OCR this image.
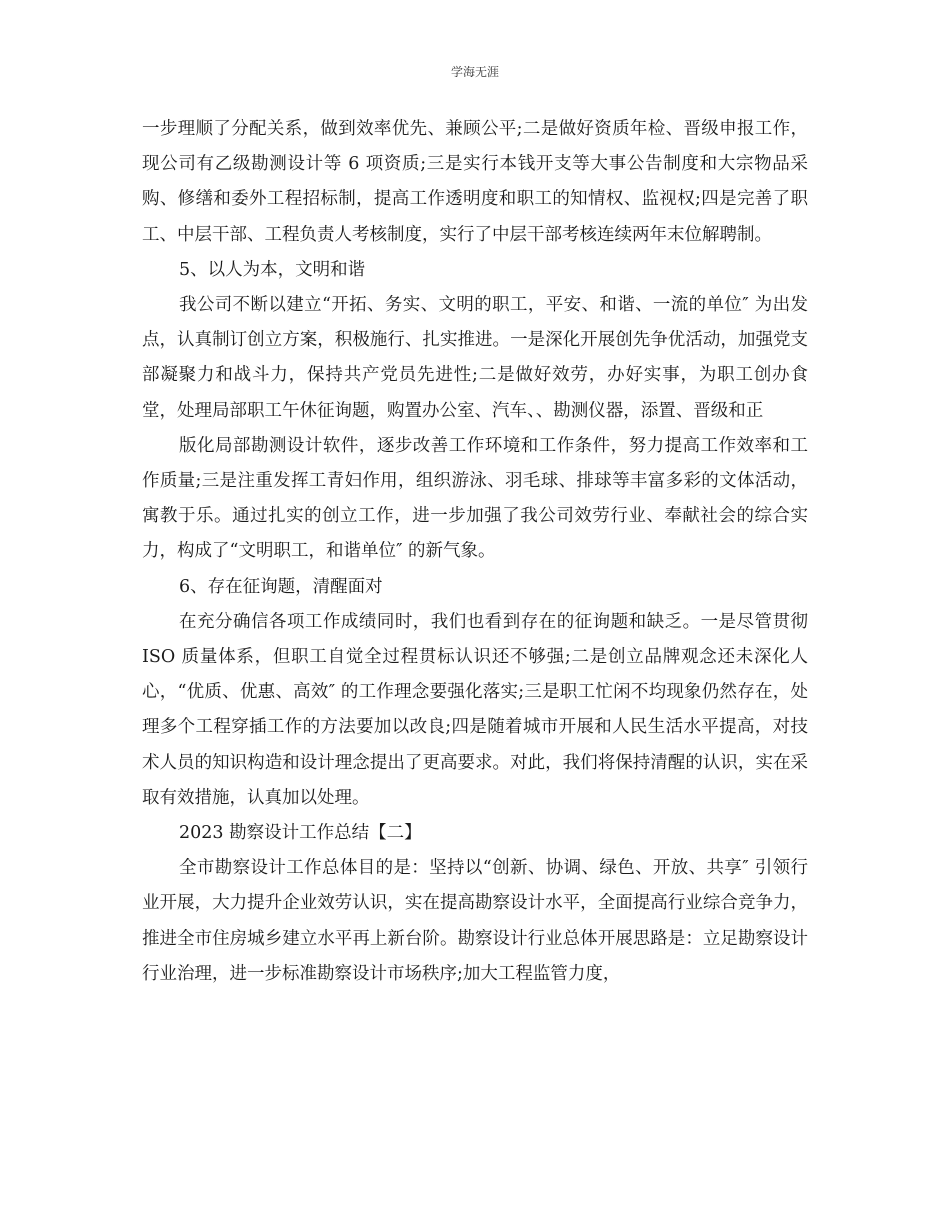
学海无涯

一步理顺了分配关系，做到效率优先、兼顾公平;二是做好资质年检、晋级申报工作，现公司有乙级勘测设计等 6 项资质;三是实行本钱开支等大事公告制度和大宗物品采购、修缮和委外工程招标制，提高工作透明度和职工的知情权、监视权;四是完善了职工、中层干部、工程负责人考核制度，实行了中层干部考核连续两年末位解聘制。

5、以人为本，文明和谐

我公司不断以建立“开拓、务实、文明的职工，平安、和谐、一流的单位″ 为出发点，认真制订创立方案，积极施行、扎实推进。一是深化开展创先争优活动，加强党支部凝聚力和战斗力，保持共产党员先进性;二是做好效劳，办好实事，为职工创办食堂，处理局部职工午休征询题，购置办公室、汽车、、勘测仪器，添置、晋级和正

版化局部勘测设计软件，逐步改善工作环境和工作条件，努力提高工作效率和工作质量;三是注重发挥工青妇作用，组织游泳、羽毛球、排球等丰富多彩的文体活动，寓教于乐。通过扎实的创立工作，进一步加强了我公司效劳行业、奉献社会的综合实力，构成了“文明职工，和谐单位″ 的新气象。

6、存在征询题，清醒面对

在充分确信各项工作成绩同时，我们也看到存在的征询题和缺乏。一是尽管贯彻 ISO 质量体系，但职工自觉全过程贯标认识还不够强;二是创立品牌观念还未深化人心，“优质、优惠、高效″ 的工作理念要强化落实;三是职工忙闲不均现象仍然存在，处理多个工程穿插工作的方法要加以改良;四是随着城市开展和人民生活水平提高，对技术人员的知识构造和设计理念提出了更高要求。对此，我们将保持清醒的认识，实在采取有效措施，认真加以处理。

2023 勘察设计工作总结【二】

全市勘察设计工作总体目的是：坚持以“创新、协调、绿色、开放、共享″ 引领行业开展，大力提升企业效劳认识，实在提高勘察设计水平，全面提高行业综合竞争力，推进全市住房城乡建立水平再上新台阶。勘察设计行业总体开展思路是：立足勘察设计行业治理，进一步标准勘察设计市场秩序;加大工程监管力度，
